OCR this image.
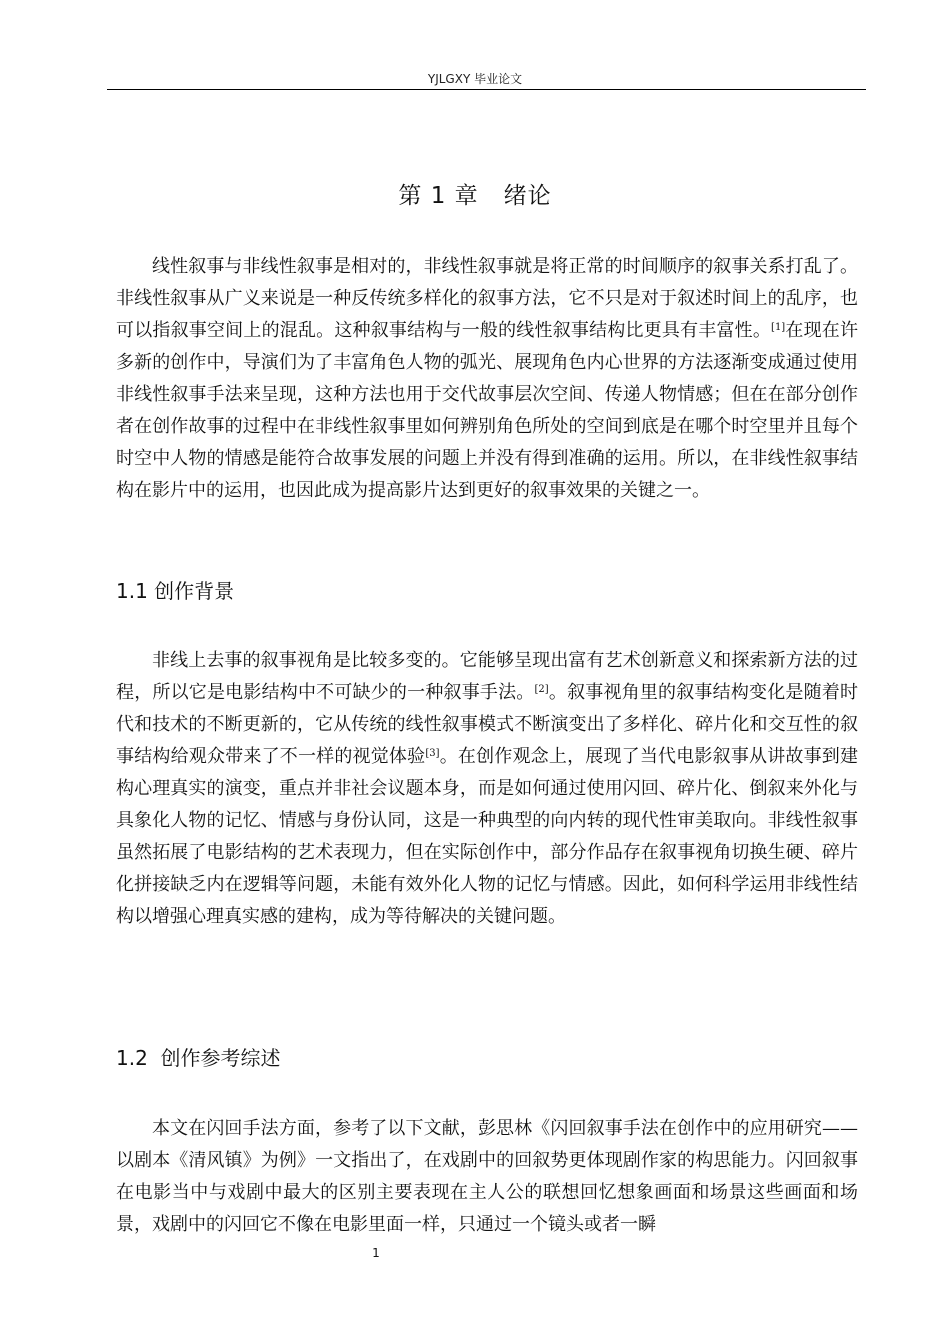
YJLGXY 毕业论文
第 1 章   绪论

线性叙事与非线性叙事是相对的，非线性叙事就是将正常的时间顺序的叙事关系打乱了。非线性叙事从广义来说是一种反传统多样化的叙事方法，它不只是对于叙述时间上的乱序，也可以指叙事空间上的混乱。这种叙事结构与一般的线性叙事结构比更具有丰富性。[1]在现在许多新的创作中，导演们为了丰富角色人物的弧光、展现角色内心世界的方法逐渐变成通过使用非线性叙事手法来呈现，这种方法也用于交代故事层次空间、传递人物情感；但在在部分创作者在创作故事的过程中在非线性叙事里如何辨别角色所处的空间到底是在哪个时空里并且每个时空中人物的情感是能符合故事发展的问题上并没有得到准确的运用。所以，在非线性叙事结构在影片中的运用，也因此成为提高影片达到更好的叙事效果的关键之一。

1.1 创作背景

非线上去事的叙事视角是比较多变的。它能够呈现出富有艺术创新意义和探索新方法的过程，所以它是电影结构中不可缺少的一种叙事手法。[2]。叙事视角里的叙事结构变化是随着时代和技术的不断更新的，它从传统的线性叙事模式不断演变出了多样化、碎片化和交互性的叙事结构给观众带来了不一样的视觉体验[3]。在创作观念上，展现了当代电影叙事从讲故事到建构心理真实的演变，重点并非社会议题本身，而是如何通过使用闪回、碎片化、倒叙来外化与具象化人物的记忆、情感与身份认同，这是一种典型的向内转的现代性审美取向。非线性叙事虽然拓展了电影结构的艺术表现力，但在实际创作中，部分作品存在叙事视角切换生硬、碎片化拼接缺乏内在逻辑等问题，未能有效外化人物的记忆与情感。因此，如何科学运用非线性结构以增强心理真实感的建构，成为等待解决的关键问题。

1.2  创作参考综述

本文在闪回手法方面，参考了以下文献，彭思林《闪回叙事手法在创作中的应用研究——以剧本《清风镇》为例》一文指出了，在戏剧中的回叙势更体现剧作家的构思能力。闪回叙事在电影当中与戏剧中最大的区别主要表现在主人公的联想回忆想象画面和场景这些画面和场景，戏剧中的闪回它不像在电影里面一样，只通过一个镜头或者一瞬

1
